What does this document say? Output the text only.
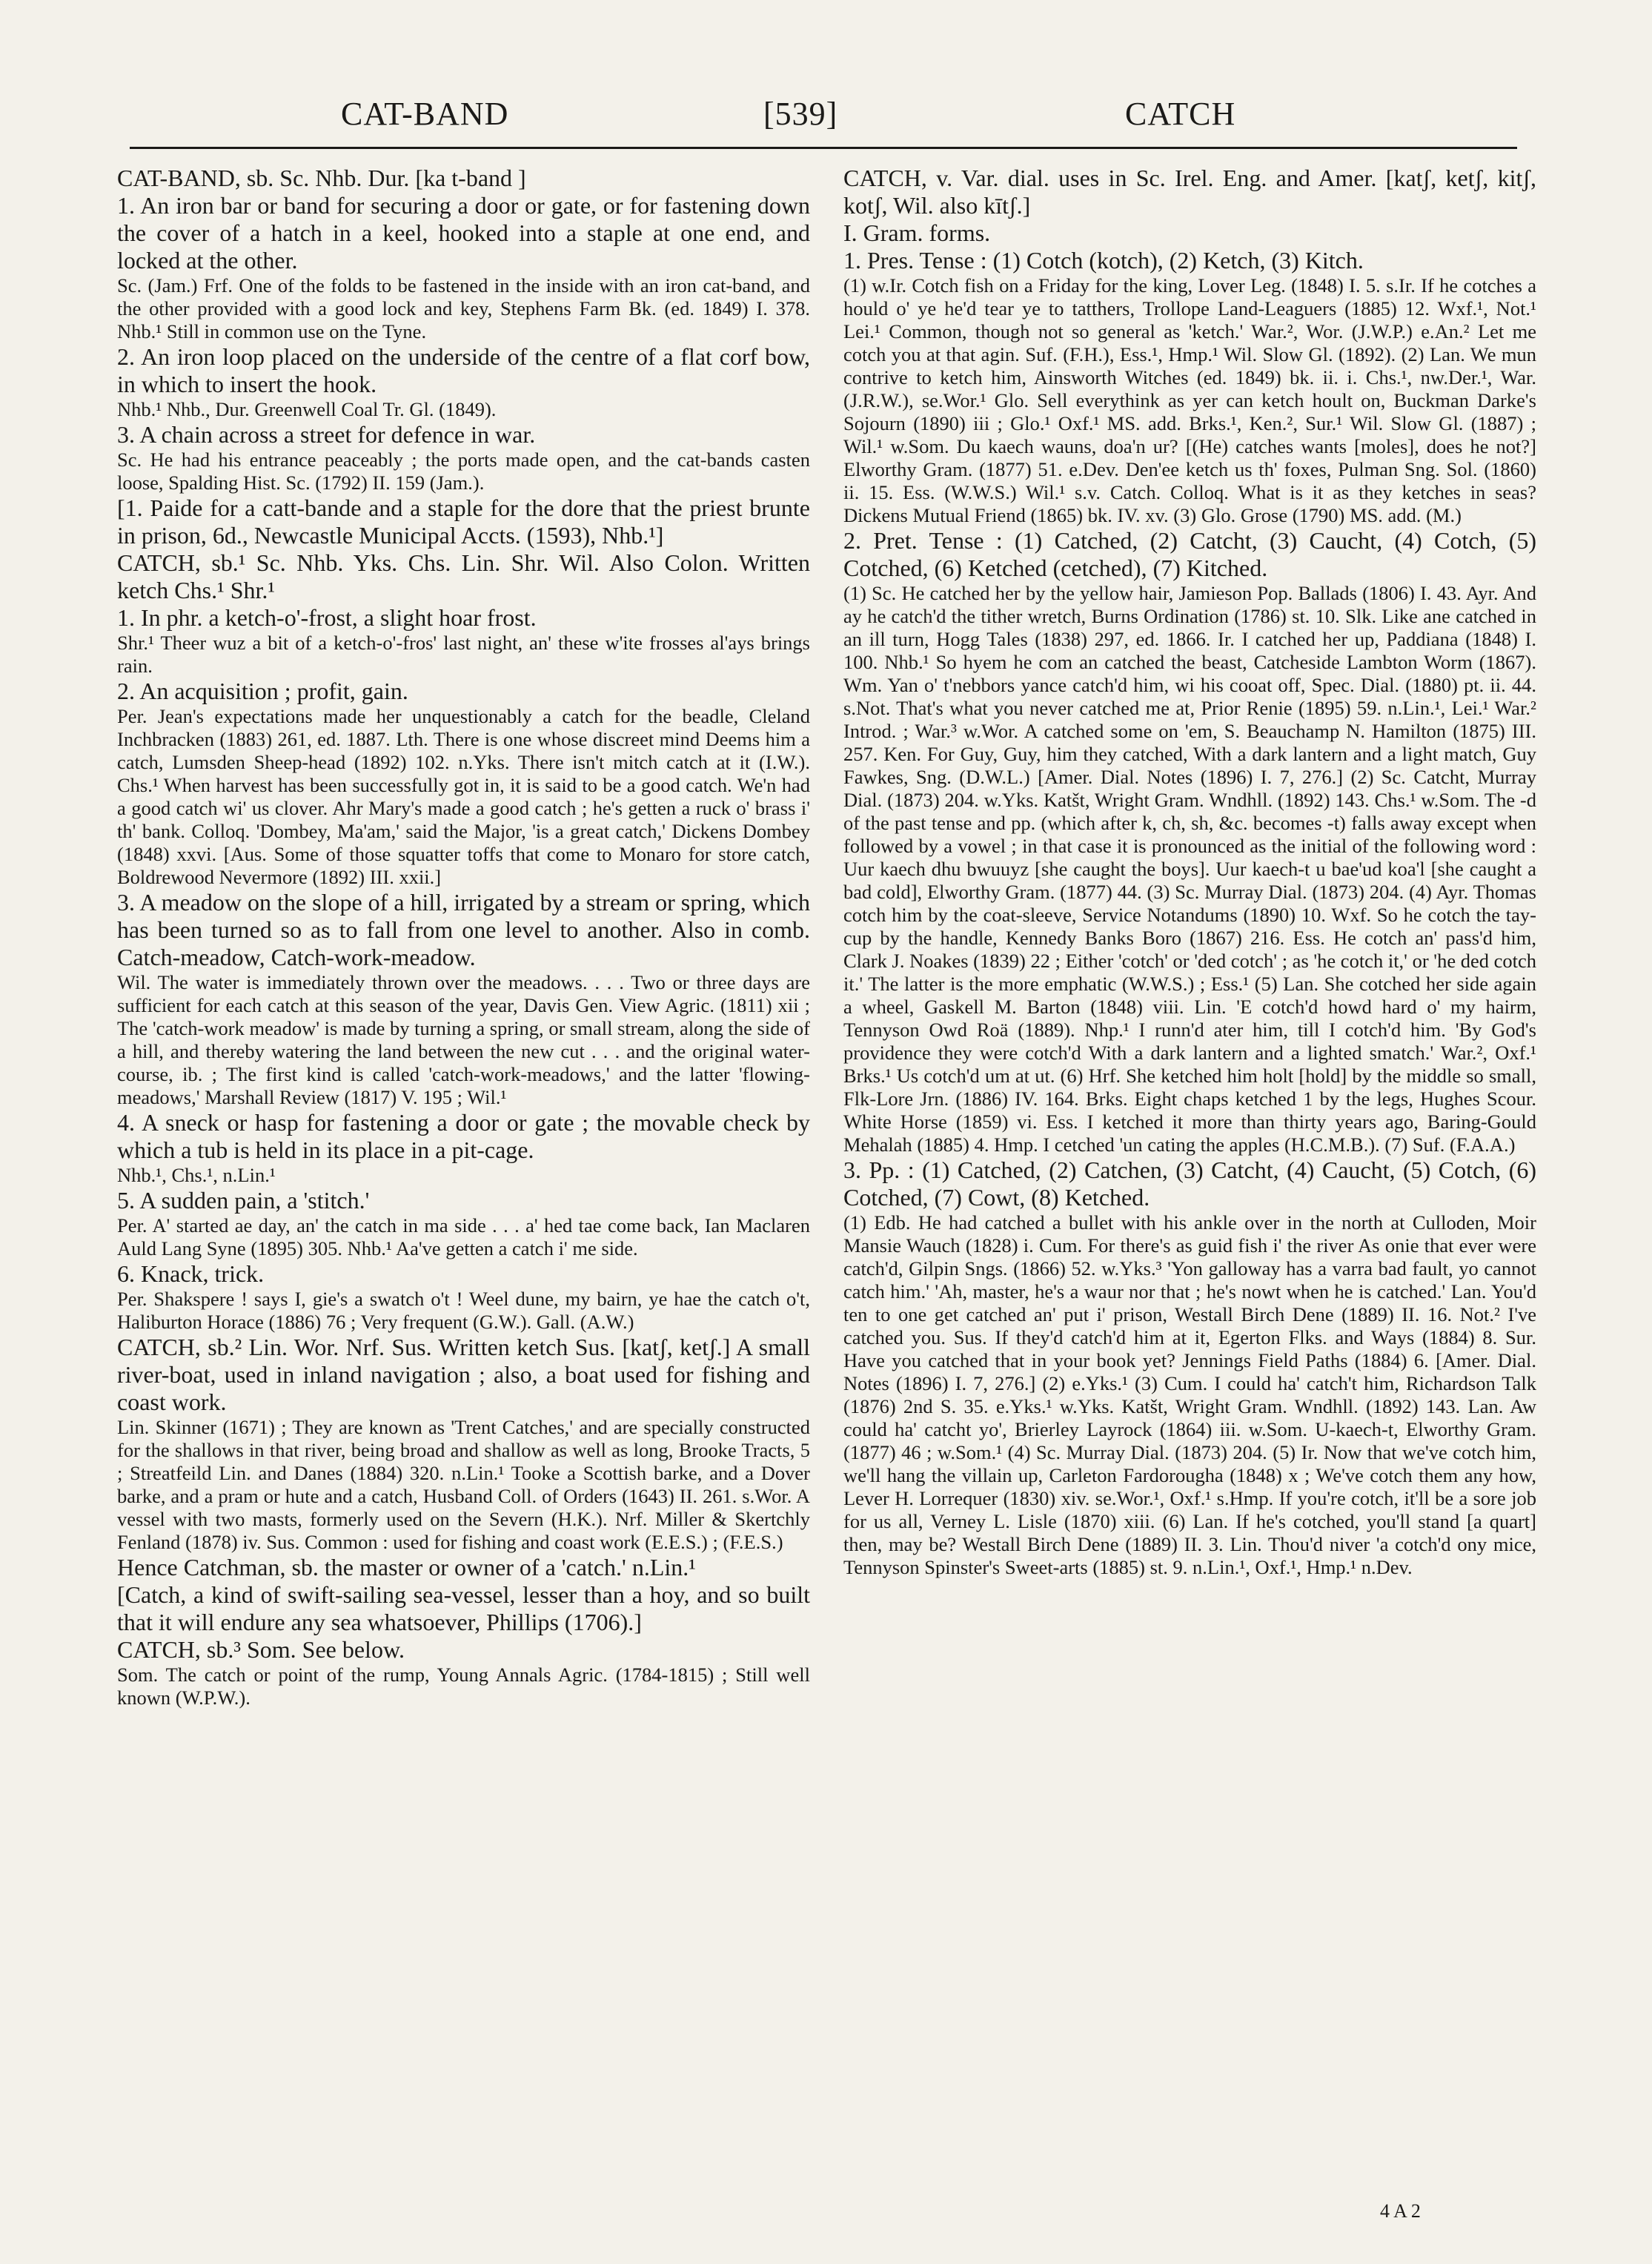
CAT-BAND	[539]	CATCH

CAT-BAND, sb. Sc. Nhb. Dur. [ka t-band ]

1. An iron bar or band for securing a door or gate, or for fastening down the cover of a hatch in a keel, hooked into a staple at one end, and locked at the other.

Sc. (Jam.) Frf. One of the folds to be fastened in the inside with an iron cat-band, and the other provided with a good lock and key, Stephens Farm Bk. (ed. 1849) I. 378. Nhb.¹ Still in common use on the Tyne.

2. An iron loop placed on the underside of the centre of a flat corf bow, in which to insert the hook.

Nhb.¹ Nhb., Dur. Greenwell Coal Tr. Gl. (1849).

3. A chain across a street for defence in war.

Sc. He had his entrance peaceably ; the ports made open, and the cat-bands casten loose, Spalding Hist. Sc. (1792) II. 159 (Jam.).

[1. Paide for a catt-bande and a staple for the dore that the priest brunte in prison, 6d., Newcastle Municipal Accts. (1593), Nhb.¹]

CATCH, sb.¹ Sc. Nhb. Yks. Chs. Lin. Shr. Wil. Also Colon. Written ketch Chs.¹ Shr.¹

1. In phr. a ketch-o'-frost, a slight hoar frost.

Shr.¹ Theer wuz a bit of a ketch-o'-fros' last night, an' these w'ite frosses al'ays brings rain.

2. An acquisition ; profit, gain.

Per. Jean's expectations made her unquestionably a catch for the beadle, Cleland Inchbracken (1883) 261, ed. 1887. Lth. There is one whose discreet mind Deems him a catch, Lumsden Sheep-head (1892) 102. n.Yks. There isn't mitch catch at it (I.W.). Chs.¹ When harvest has been successfully got in, it is said to be a good catch. We'n had a good catch wi' us clover. Ahr Mary's made a good catch ; he's getten a ruck o' brass i' th' bank. Colloq. 'Dombey, Ma'am,' said the Major, 'is a great catch,' Dickens Dombey (1848) xxvi. [Aus. Some of those squatter toffs that come to Monaro for store catch, Boldrewood Nevermore (1892) III. xxii.]

3. A meadow on the slope of a hill, irrigated by a stream or spring, which has been turned so as to fall from one level to another. Also in comb. Catch-meadow, Catch-work-meadow.

Wil. The water is immediately thrown over the meadows. . . . Two or three days are sufficient for each catch at this season of the year, Davis Gen. View Agric. (1811) xii ; The 'catch-work meadow' is made by turning a spring, or small stream, along the side of a hill, and thereby watering the land between the new cut . . . and the original water-course, ib. ; The first kind is called 'catch-work-meadows,' and the latter 'flowing-meadows,' Marshall Review (1817) V. 195 ; Wil.¹

4. A sneck or hasp for fastening a door or gate ; the movable check by which a tub is held in its place in a pit-cage.

Nhb.¹, Chs.¹, n.Lin.¹

5. A sudden pain, a 'stitch.'

Per. A' started ae day, an' the catch in ma side . . . a' hed tae come back, Ian Maclaren Auld Lang Syne (1895) 305. Nhb.¹ Aa've getten a catch i' me side.

6. Knack, trick.

Per. Shakspere ! says I, gie's a swatch o't ! Weel dune, my bairn, ye hae the catch o't, Haliburton Horace (1886) 76 ; Very frequent (G.W.). Gall. (A.W.)

CATCH, sb.² Lin. Wor. Nrf. Sus. Written ketch Sus. [katʃ, ketʃ.] A small river-boat, used in inland navigation ; also, a boat used for fishing and coast work.

Lin. Skinner (1671) ; They are known as 'Trent Catches,' and are specially constructed for the shallows in that river, being broad and shallow as well as long, Brooke Tracts, 5 ; Streatfeild Lin. and Danes (1884) 320. n.Lin.¹ Tooke a Scottish barke, and a Dover barke, and a pram or hute and a catch, Husband Coll. of Orders (1643) II. 261. s.Wor. A vessel with two masts, formerly used on the Severn (H.K.). Nrf. Miller & Skertchly Fenland (1878) iv. Sus. Common : used for fishing and coast work (E.E.S.) ; (F.E.S.)

Hence Catchman, sb. the master or owner of a 'catch.' n.Lin.¹

[Catch, a kind of swift-sailing sea-vessel, lesser than a hoy, and so built that it will endure any sea whatsoever, Phillips (1706).]

CATCH, sb.³ Som. See below.

Som. The catch or point of the rump, Young Annals Agric. (1784-1815) ; Still well known (W.P.W.).

CATCH, v. Var. dial. uses in Sc. Irel. Eng. and Amer. [katʃ, ketʃ, kitʃ, kotʃ, Wil. also kītʃ.]

I. Gram. forms.

1. Pres. Tense : (1) Cotch (kotch), (2) Ketch, (3) Kitch.

(1) w.Ir. Cotch fish on a Friday for the king, Lover Leg. (1848) I. 5. s.Ir. If he cotches a hould o' ye he'd tear ye to tatthers, Trollope Land-Leaguers (1885) 12. Wxf.¹, Not.¹ Lei.¹ Common, though not so general as 'ketch.' War.², Wor. (J.W.P.) e.An.² Let me cotch you at that agin. Suf. (F.H.), Ess.¹, Hmp.¹ Wil. Slow Gl. (1892). (2) Lan. We mun contrive to ketch him, Ainsworth Witches (ed. 1849) bk. ii. i. Chs.¹, nw.Der.¹, War. (J.R.W.), se.Wor.¹ Glo. Sell everythink as yer can ketch hoult on, Buckman Darke's Sojourn (1890) iii ; Glo.¹ Oxf.¹ MS. add. Brks.¹, Ken.², Sur.¹ Wil. Slow Gl. (1887) ; Wil.¹ w.Som. Du kaech wauns, doa'n ur? [(He) catches wants [moles], does he not?] Elworthy Gram. (1877) 51. e.Dev. Den'ee ketch us th' foxes, Pulman Sng. Sol. (1860) ii. 15. Ess. (W.W.S.) Wil.¹ s.v. Catch. Colloq. What is it as they ketches in seas? Dickens Mutual Friend (1865) bk. IV. xv. (3) Glo. Grose (1790) MS. add. (M.)

2. Pret. Tense : (1) Catched, (2) Catcht, (3) Caucht, (4) Cotch, (5) Cotched, (6) Ketched (cetched), (7) Kitched.

(1) Sc. He catched her by the yellow hair, Jamieson Pop. Ballads (1806) I. 43. Ayr. And ay he catch'd the tither wretch, Burns Ordination (1786) st. 10. Slk. Like ane catched in an ill turn, Hogg Tales (1838) 297, ed. 1866. Ir. I catched her up, Paddiana (1848) I. 100. Nhb.¹ So hyem he com an catched the beast, Catcheside Lambton Worm (1867). Wm. Yan o' t'nebbors yance catch'd him, wi his cooat off, Spec. Dial. (1880) pt. ii. 44. s.Not. That's what you never catched me at, Prior Renie (1895) 59. n.Lin.¹, Lei.¹ War.² Introd. ; War.³ w.Wor. A catched some on 'em, S. Beauchamp N. Hamilton (1875) III. 257. Ken. For Guy, Guy, him they catched, With a dark lantern and a light match, Guy Fawkes, Sng. (D.W.L.) [Amer. Dial. Notes (1896) I. 7, 276.] (2) Sc. Catcht, Murray Dial. (1873) 204. w.Yks. Katšt, Wright Gram. Wndhll. (1892) 143. Chs.¹ w.Som. The -d of the past tense and pp. (which after k, ch, sh, &c. becomes -t) falls away except when followed by a vowel ; in that case it is pronounced as the initial of the following word : Uur kaech dhu bwuuyz [she caught the boys]. Uur kaech-t u bae'ud koa'l [she caught a bad cold], Elworthy Gram. (1877) 44. (3) Sc. Murray Dial. (1873) 204. (4) Ayr. Thomas cotch him by the coat-sleeve, Service Notandums (1890) 10. Wxf. So he cotch the tay-cup by the handle, Kennedy Banks Boro (1867) 216. Ess. He cotch an' pass'd him, Clark J. Noakes (1839) 22 ; Either 'cotch' or 'ded cotch' ; as 'he cotch it,' or 'he ded cotch it.' The latter is the more emphatic (W.W.S.) ; Ess.¹ (5) Lan. She cotched her side again a wheel, Gaskell M. Barton (1848) viii. Lin. 'E cotch'd howd hard o' my hairm, Tennyson Owd Roä (1889). Nhp.¹ I runn'd ater him, till I cotch'd him. 'By God's providence they were cotch'd With a dark lantern and a lighted smatch.' War.², Oxf.¹ Brks.¹ Us cotch'd um at ut. (6) Hrf. She ketched him holt [hold] by the middle so small, Flk-Lore Jrn. (1886) IV. 164. Brks. Eight chaps ketched 1 by the legs, Hughes Scour. White Horse (1859) vi. Ess. I ketched it more than thirty years ago, Baring-Gould Mehalah (1885) 4. Hmp. I cetched 'un cating the apples (H.C.M.B.). (7) Suf. (F.A.A.)

3. Pp. : (1) Catched, (2) Catchen, (3) Catcht, (4) Caucht, (5) Cotch, (6) Cotched, (7) Cowt, (8) Ketched.

(1) Edb. He had catched a bullet with his ankle over in the north at Culloden, Moir Mansie Wauch (1828) i. Cum. For there's as guid fish i' the river As onie that ever were catch'd, Gilpin Sngs. (1866) 52. w.Yks.³ 'Yon galloway has a varra bad fault, yo cannot catch him.' 'Ah, master, he's a waur nor that ; he's nowt when he is catched.' Lan. You'd ten to one get catched an' put i' prison, Westall Birch Dene (1889) II. 16. Not.² I've catched you. Sus. If they'd catch'd him at it, Egerton Flks. and Ways (1884) 8. Sur. Have you catched that in your book yet? Jennings Field Paths (1884) 6. [Amer. Dial. Notes (1896) I. 7, 276.] (2) e.Yks.¹ (3) Cum. I could ha' catch't him, Richardson Talk (1876) 2nd S. 35. e.Yks.¹ w.Yks. Katšt, Wright Gram. Wndhll. (1892) 143. Lan. Aw could ha' catcht yo', Brierley Layrock (1864) iii. w.Som. U-kaech-t, Elworthy Gram. (1877) 46 ; w.Som.¹ (4) Sc. Murray Dial. (1873) 204. (5) Ir. Now that we've cotch him, we'll hang the villain up, Carleton Fardorougha (1848) x ; We've cotch them any how, Lever H. Lorrequer (1830) xiv. se.Wor.¹, Oxf.¹ s.Hmp. If you're cotch, it'll be a sore job for us all, Verney L. Lisle (1870) xiii. (6) Lan. If he's cotched, you'll stand [a quart] then, may be? Westall Birch Dene (1889) II. 3. Lin. Thou'd niver 'a cotch'd ony mice, Tennyson Spinster's Sweet-arts (1885) st. 9. n.Lin.¹, Oxf.¹, Hmp.¹ n.Dev.

4 A 2
